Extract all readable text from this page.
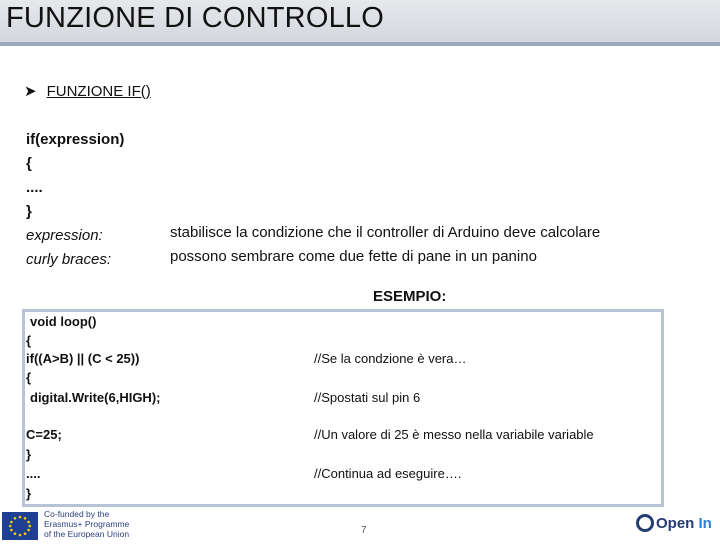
FUNZIONE DI CONTROLLO
➤ FUNZIONE IF()
if(expression)
{
....
}
expression:
curly braces:
stabilisce la condizione che il controller di Arduino deve calcolare
possono sembrare come due fette di pane in un panino
ESEMPIO:
void loop()
{
if((A>B) || (C < 25))
{
digital.Write(6,HIGH);
C=25;
}
....
}
//Se la condzione è vera…
//Spostati sul pin 6
//Un valore di 25 è messo nella variabile variable
//Continua ad eseguire….
Co-funded by the
Erasmus+ Programme
of the European Union	7	Open In
